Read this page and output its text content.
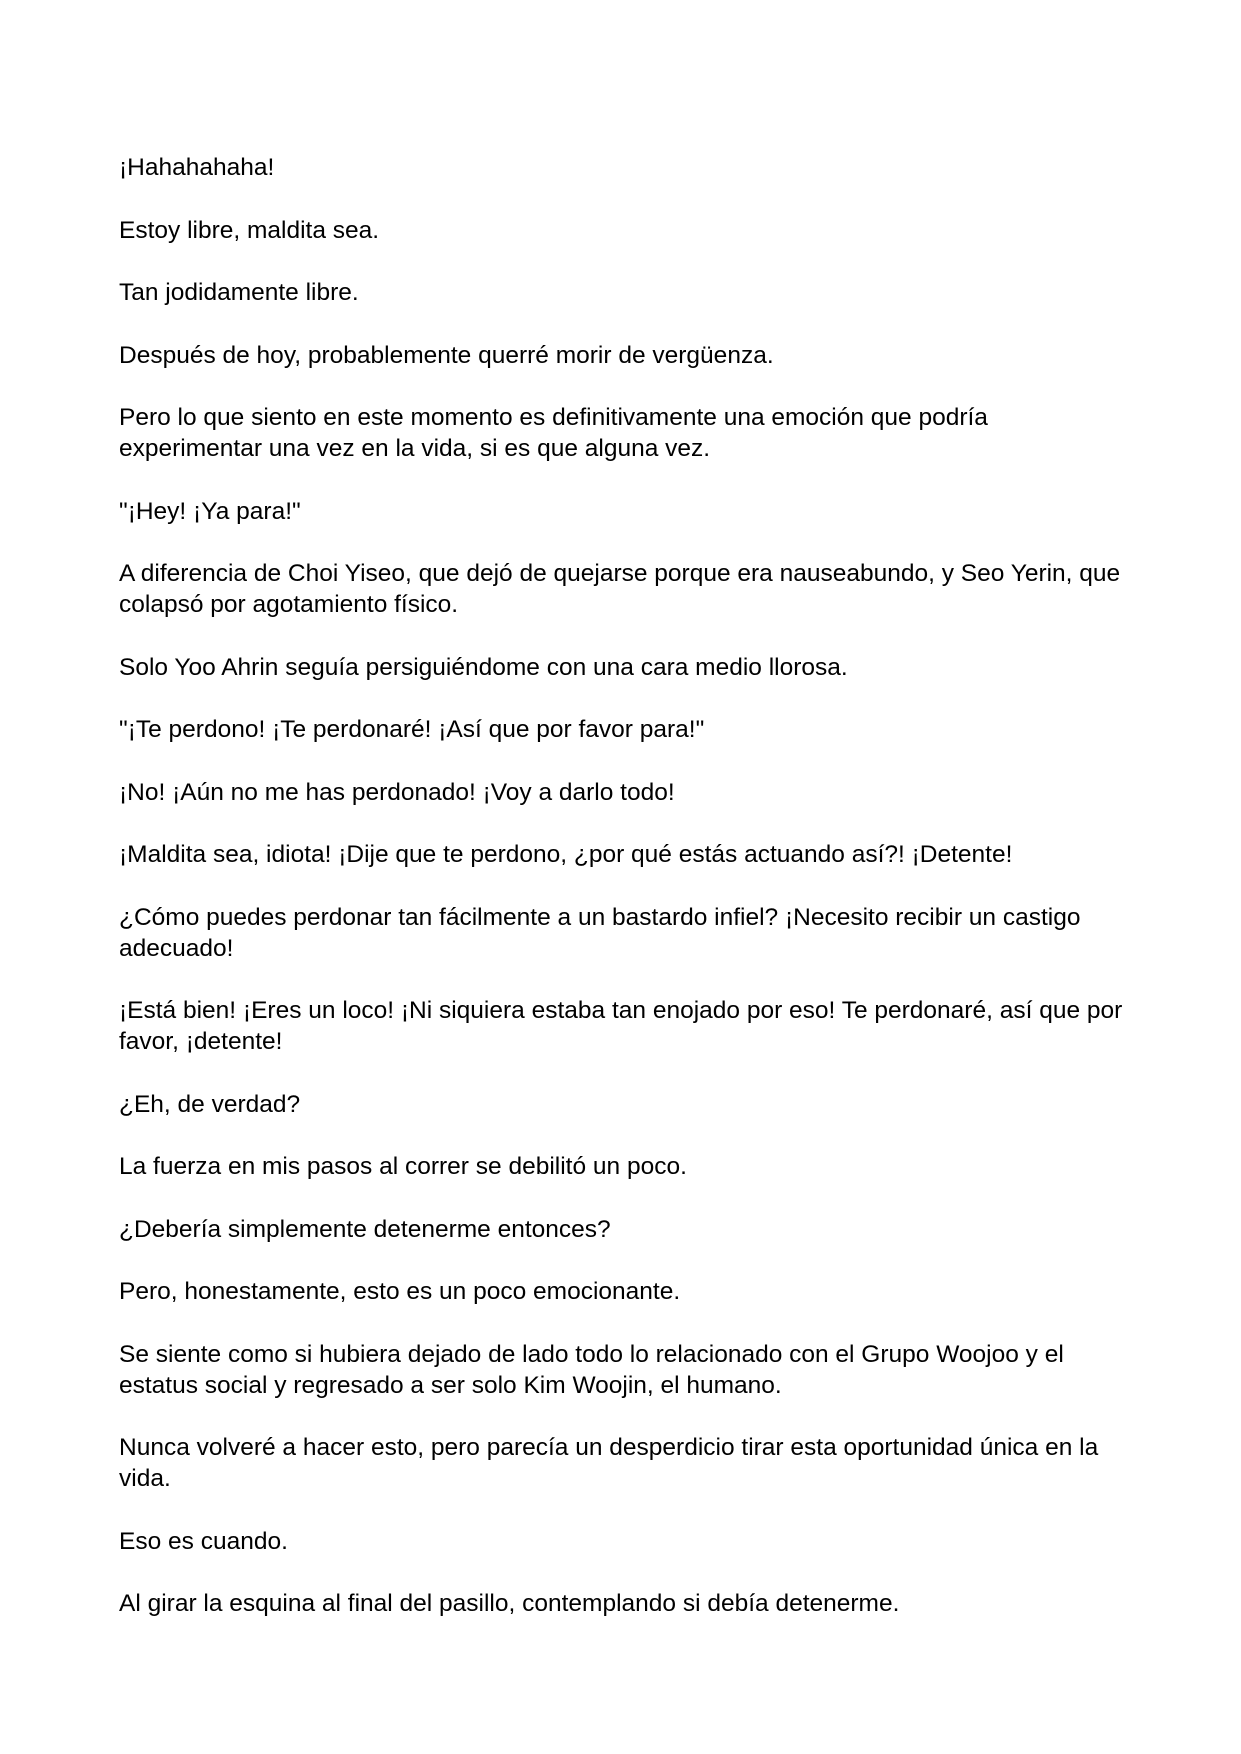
¡Hahahahaha!

Estoy libre, maldita sea.

Tan jodidamente libre.

Después de hoy, probablemente querré morir de vergüenza.

Pero lo que siento en este momento es definitivamente una emoción que podría experimentar una vez en la vida, si es que alguna vez.

"¡Hey! ¡Ya para!"

A diferencia de Choi Yiseo, que dejó de quejarse porque era nauseabundo, y Seo Yerin, que colapsó por agotamiento físico.

Solo Yoo Ahrin seguía persiguiéndome con una cara medio llorosa.

"¡Te perdono! ¡Te perdonaré! ¡Así que por favor para!"

¡No! ¡Aún no me has perdonado! ¡Voy a darlo todo!

¡Maldita sea, idiota! ¡Dije que te perdono, ¿por qué estás actuando así?! ¡Detente!

¿Cómo puedes perdonar tan fácilmente a un bastardo infiel? ¡Necesito recibir un castigo adecuado!

¡Está bien! ¡Eres un loco! ¡Ni siquiera estaba tan enojado por eso! Te perdonaré, así que por favor, ¡detente!

¿Eh, de verdad?

La fuerza en mis pasos al correr se debilitó un poco.

¿Debería simplemente detenerme entonces?

Pero, honestamente, esto es un poco emocionante.

Se siente como si hubiera dejado de lado todo lo relacionado con el Grupo Woojoo y el estatus social y regresado a ser solo Kim Woojin, el humano.

Nunca volveré a hacer esto, pero parecía un desperdicio tirar esta oportunidad única en la vida.

Eso es cuando.

Al girar la esquina al final del pasillo, contemplando si debía detenerme.
